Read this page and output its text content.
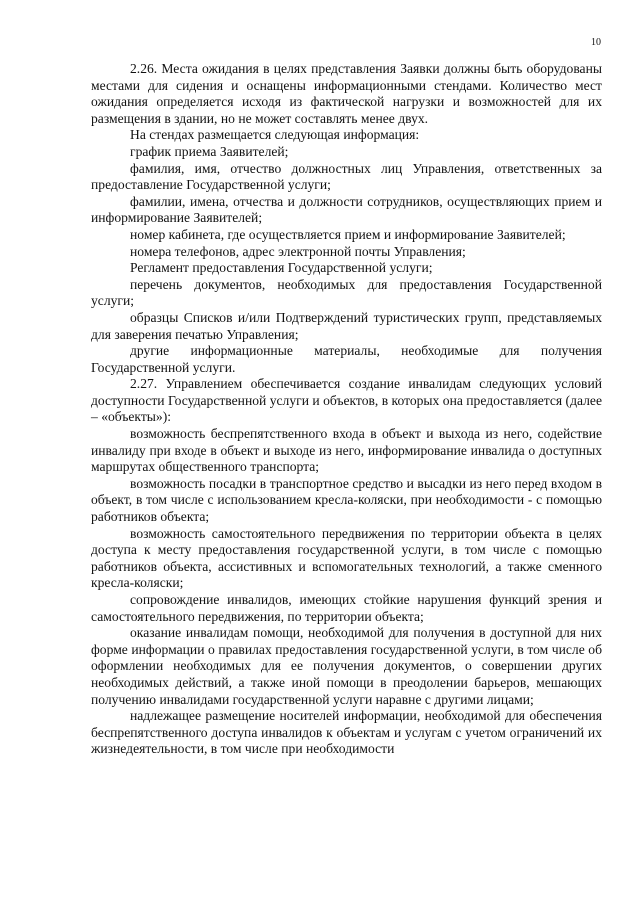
10

2.26. Места ожидания в целях представления Заявки должны быть оборудованы местами для сидения и оснащены информационными стендами. Количество мест ожидания определяется исходя из фактической нагрузки и возможностей для их размещения в здании, но не может составлять менее двух.

На стендах размещается следующая информация:

график приема Заявителей;

фамилия, имя, отчество должностных лиц Управления, ответственных за предоставление Государственной услуги;

фамилии, имена, отчества и должности сотрудников, осуществляющих прием и информирование Заявителей;

номер кабинета, где осуществляется прием и информирование Заявителей;

номера телефонов, адрес электронной почты Управления;

Регламент предоставления Государственной услуги;

перечень документов, необходимых для предоставления Государственной услуги;

образцы Списков и/или Подтверждений туристических групп, представляемых для заверения печатью Управления;

другие информационные материалы, необходимые для получения Государственной услуги.

2.27. Управлением обеспечивается создание инвалидам следующих условий доступности Государственной услуги и объектов, в которых она предоставляется (далее – «объекты»):

возможность беспрепятственного входа в объект и выхода из него, содействие инвалиду при входе в объект и выходе из него, информирование инвалида о доступных маршрутах общественного транспорта;

возможность посадки в транспортное средство и высадки из него перед входом в объект, в том числе с использованием кресла-коляски, при необходимости - с помощью работников объекта;

возможность самостоятельного передвижения по территории объекта в целях доступа к месту предоставления государственной услуги, в том числе с помощью работников объекта, ассистивных и вспомогательных технологий, а также сменного кресла-коляски;

сопровождение инвалидов, имеющих стойкие нарушения функций зрения и самостоятельного передвижения, по территории объекта;

оказание инвалидам помощи, необходимой для получения в доступной для них форме информации о правилах предоставления государственной услуги, в том числе об оформлении необходимых для ее получения документов, о совершении других необходимых действий, а также иной помощи в преодолении барьеров, мешающих получению инвалидами государственной услуги наравне с другими лицами;

надлежащее размещение носителей информации, необходимой для обеспечения беспрепятственного доступа инвалидов к объектам и услугам с учетом ограничений их жизнедеятельности, в том числе при необходимости
